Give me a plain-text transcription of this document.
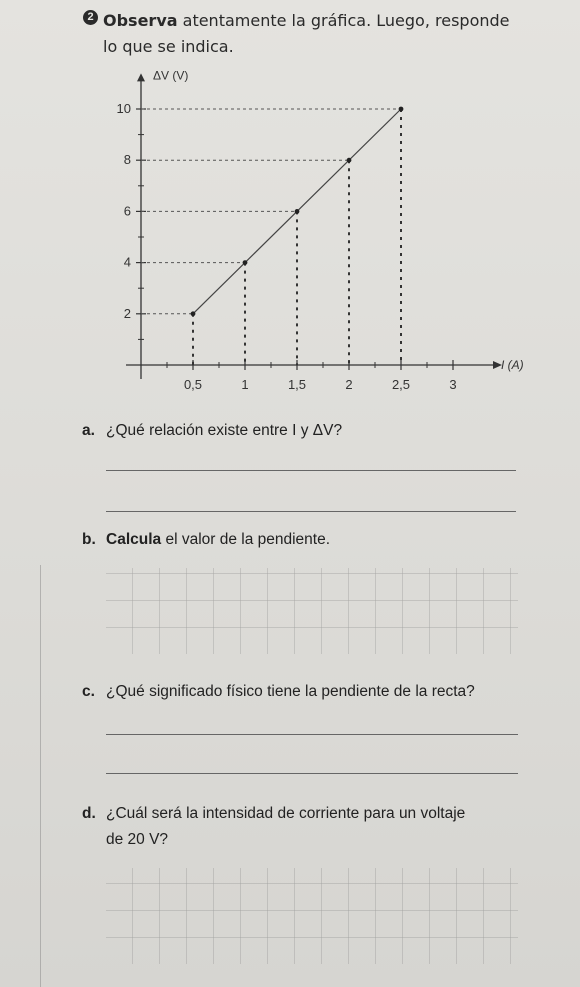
2 Observa atentamente la gráfica. Luego, responde
lo que se indica.
ΔV (V)
I (A)
2
4
6
8
10
0,5	1	1,5	2	2,5	3
a. ¿Qué relación existe entre I y ΔV?
b. Calcula el valor de la pendiente.
c. ¿Qué significado físico tiene la pendiente de la recta?
d. ¿Cuál será la intensidad de corriente para un voltaje
de 20 V?
